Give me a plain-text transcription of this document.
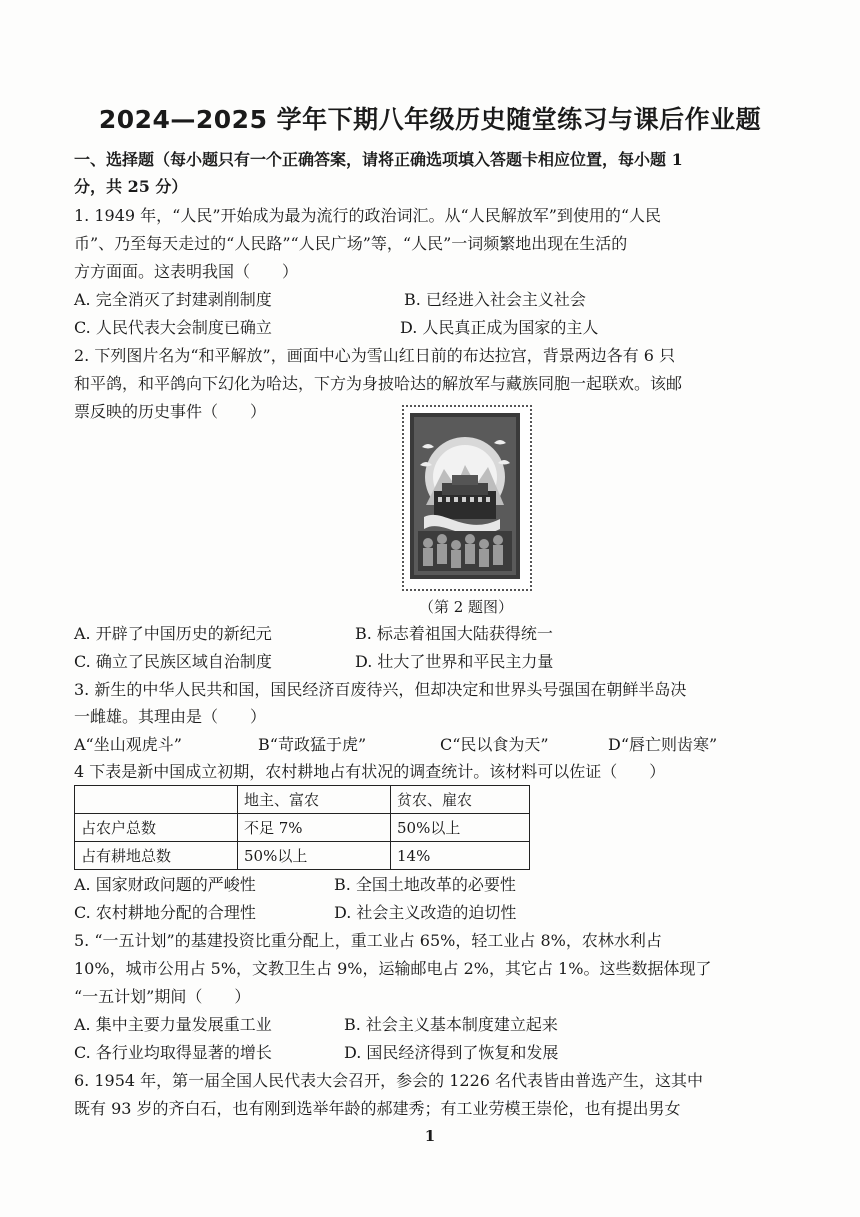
2024—2025 学年下期八年级历史随堂练习与课后作业题
一、选择题（每小题只有一个正确答案，请将正确选项填入答题卡相应位置，每小题 1
分，共 25 分）
1. 1949 年，“人民”开始成为最为流行的政治词汇。从“人民解放军”到使用的“人民
币”、乃至每天走过的“人民路”“人民广场”等，“人民”一词频繁地出现在生活的
方方面面。这表明我国（　　）
A. 完全消灭了封建剥削制度	B. 已经进入社会主义社会
C. 人民代表大会制度已确立	D. 人民真正成为国家的主人
2. 下列图片名为“和平解放”，画面中心为雪山红日前的布达拉宫，背景两边各有 6 只
和平鸽，和平鸽向下幻化为哈达，下方为身披哈达的解放军与藏族同胞一起联欢。该邮
票反映的历史事件（　　）
（第 2 题图）
A. 开辟了中国历史的新纪元	B. 标志着祖国大陆获得统一
C. 确立了民族区域自治制度	D. 壮大了世界和平民主力量
3. 新生的中华人民共和国，国民经济百废待兴，但却决定和世界头号强国在朝鲜半岛决
一雌雄。其理由是（　　）
A“坐山观虎斗”	B“苛政猛于虎”	C“民以食为天”	D“唇亡则齿寒”
4 下表是新中国成立初期，农村耕地占有状况的调查统计。该材料可以佐证（　　）
	地主、富农	贫农、雇农
占农户总数	不足 7%	50%以上
占有耕地总数	50%以上	14%
A. 国家财政问题的严峻性	B. 全国土地改革的必要性
C. 农村耕地分配的合理性	D. 社会主义改造的迫切性
5. “一五计划”的基建投资比重分配上，重工业占 65%，轻工业占 8%，农林水利占
10%，城市公用占 5%，文教卫生占 9%，运输邮电占 2%，其它占 1%。这些数据体现了
“一五计划”期间（　　）
A. 集中主要力量发展重工业	B. 社会主义基本制度建立起来
C. 各行业均取得显著的增长	D. 国民经济得到了恢复和发展
6. 1954 年，第一届全国人民代表大会召开，参会的 1226 名代表皆由普选产生，这其中
既有 93 岁的齐白石，也有刚到选举年龄的郝建秀；有工业劳模王崇伦，也有提出男女
1
